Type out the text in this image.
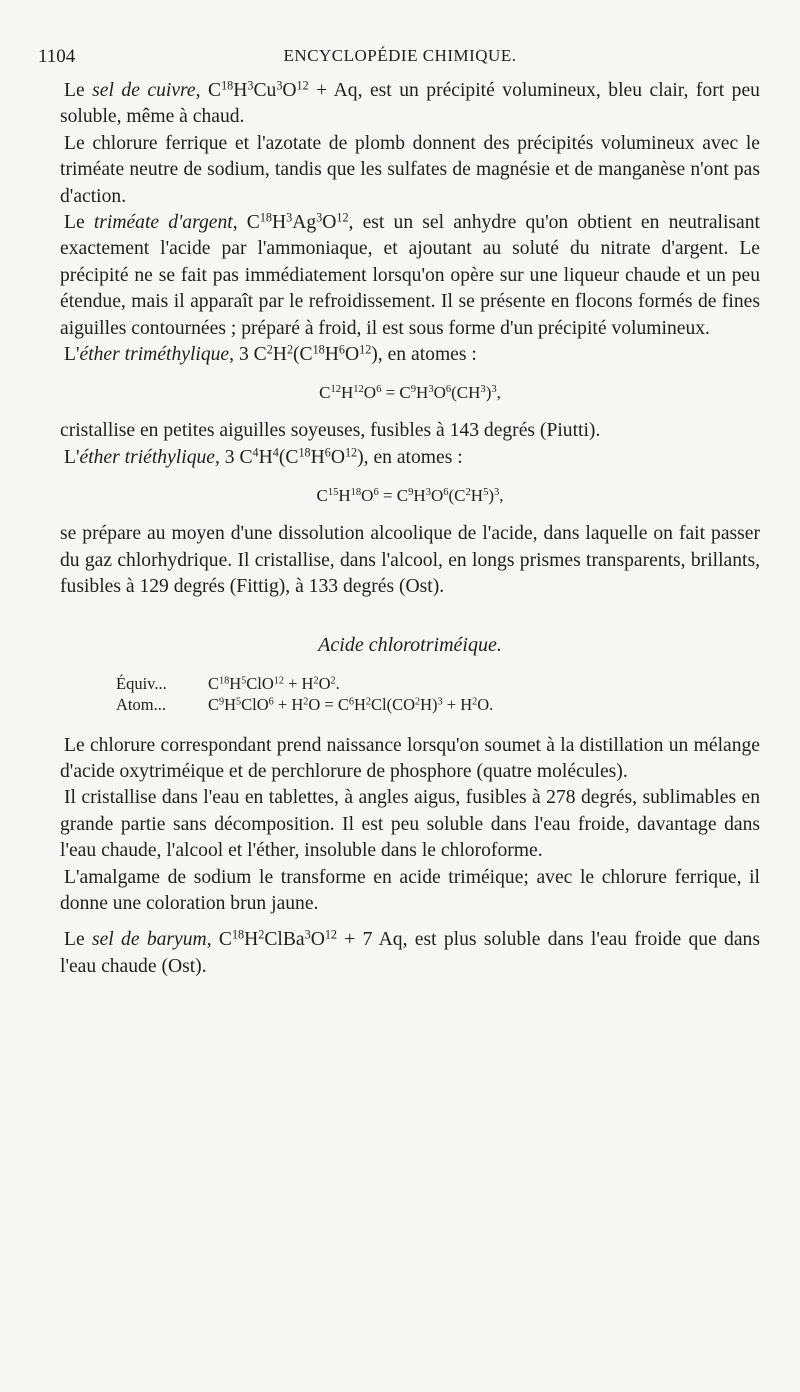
1104	ENCYCLOPÉDIE CHIMIQUE.

Le sel de cuivre, $C^{18}H^3Cu^3O^{12} + Aq$, est un précipité volumineux, bleu clair, fort peu soluble, même à chaud.

Le chlorure ferrique et l'azotate de plomb donnent des précipités volumineux avec le triméate neutre de sodium, tandis que les sulfates de magnésie et de manganèse n'ont pas d'action.

Le triméate d'argent, $C^{18}H^3Ag^3O^{12}$, est un sel anhydre qu'on obtient en neutralisant exactement l'acide par l'ammoniaque, et ajoutant au soluté du nitrate d'argent. Le précipité ne se fait pas immédiatement lorsqu'on opère sur une liqueur chaude et un peu étendue, mais il apparaît par le refroidissement. Il se présente en flocons formés de fines aiguilles contournées ; préparé à froid, il est sous forme d'un précipité volumineux.

L'éther triméthylique, 3 $C^2H^2(C^{18}H^6O^{12})$, en atomes :

$C^{12}H^{12}O^6 = C^9H^3O^6(CH^3)^3$,

cristallise en petites aiguilles soyeuses, fusibles à 143 degrés (Piutti).

L'éther triéthylique, 3 $C^4H^4(C^{18}H^6O^{12})$, en atomes :

$C^{15}H^{18}O^6 = C^9H^3O^6(C^2H^5)^3$,

se prépare au moyen d'une dissolution alcoolique de l'acide, dans laquelle on fait passer du gaz chlorhydrique. Il cristallise, dans l'alcool, en longs prismes transparents, brillants, fusibles à 129 degrés (Fittig), à 133 degrés (Ost).

Acide chlorotriméique.
Équiv...	$C^{18}H^5ClO^{12} + H^2O^2$.
Atom...	$C^9H^5ClO^6 + H^2O = C^6H^2Cl(CO^2H)^3 + H^2O$.

Le chlorure correspondant prend naissance lorsqu'on soumet à la distillation un mélange d'acide oxytriméique et de perchlorure de phosphore (quatre molécules).

Il cristallise dans l'eau en tablettes, à angles aigus, fusibles à 278 degrés, sublimables en grande partie sans décomposition. Il est peu soluble dans l'eau froide, davantage dans l'eau chaude, l'alcool et l'éther, insoluble dans le chloroforme.

L'amalgame de sodium le transforme en acide triméique; avec le chlorure ferrique, il donne une coloration brun jaune.

Le sel de baryum, $C^{18}H^2ClBa^3O^{12} + 7$ Aq, est plus soluble dans l'eau froide que dans l'eau chaude (Ost).
